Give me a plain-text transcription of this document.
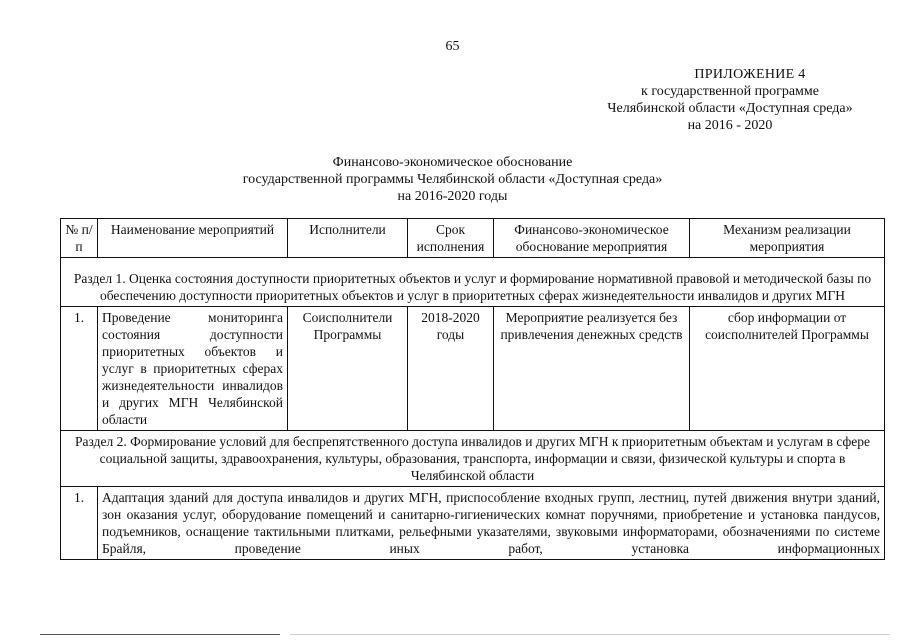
65
ПРИЛОЖЕНИЕ 4
к государственной программе
Челябинской области «Доступная среда»
на 2016 - 2020
Финансово-экономическое обоснование
государственной программы Челябинской области «Доступная среда»
на 2016-2020 годы
№ п/п	Наименование мероприятий	Исполнители	Срок исполнения	Финансово-экономическое обоснование мероприятия	Механизм реализации мероприятия
Раздел 1. Оценка состояния доступности приоритетных объектов и услуг и формирование нормативной правовой и методической базы по обеспечению доступности приоритетных объектов и услуг в приоритетных сферах жизнедеятельности инвалидов и других МГН					
1.	Проведение мониторинга состояния доступности приоритетных объектов и услуг в приоритетных сферах жизнедеятельности инвалидов и других МГН Челябинской области	Соисполнители Программы	2018-2020 годы	Мероприятие реализуется без привлечения денежных средств	сбор информации от соисполнителей Программы
Раздел 2. Формирование условий для беспрепятственного доступа инвалидов и других МГН к приоритетным объектам и услугам в сфере социальной защиты, здравоохранения, культуры, образования, транспорта, информации и связи, физической культуры и спорта в Челябинской области					
1.	Адаптация зданий для доступа инвалидов и других МГН, приспособление входных групп, лестниц, путей движения внутри зданий, зон оказания услуг, оборудование помещений и санитарно-гигиенических комнат поручнями, приобретение и установка пандусов, подъемников, оснащение тактильными плитками, рельефными указателями, звуковыми информаторами, обозначениями по системе Брайля, проведение иных работ, установка информационных				
